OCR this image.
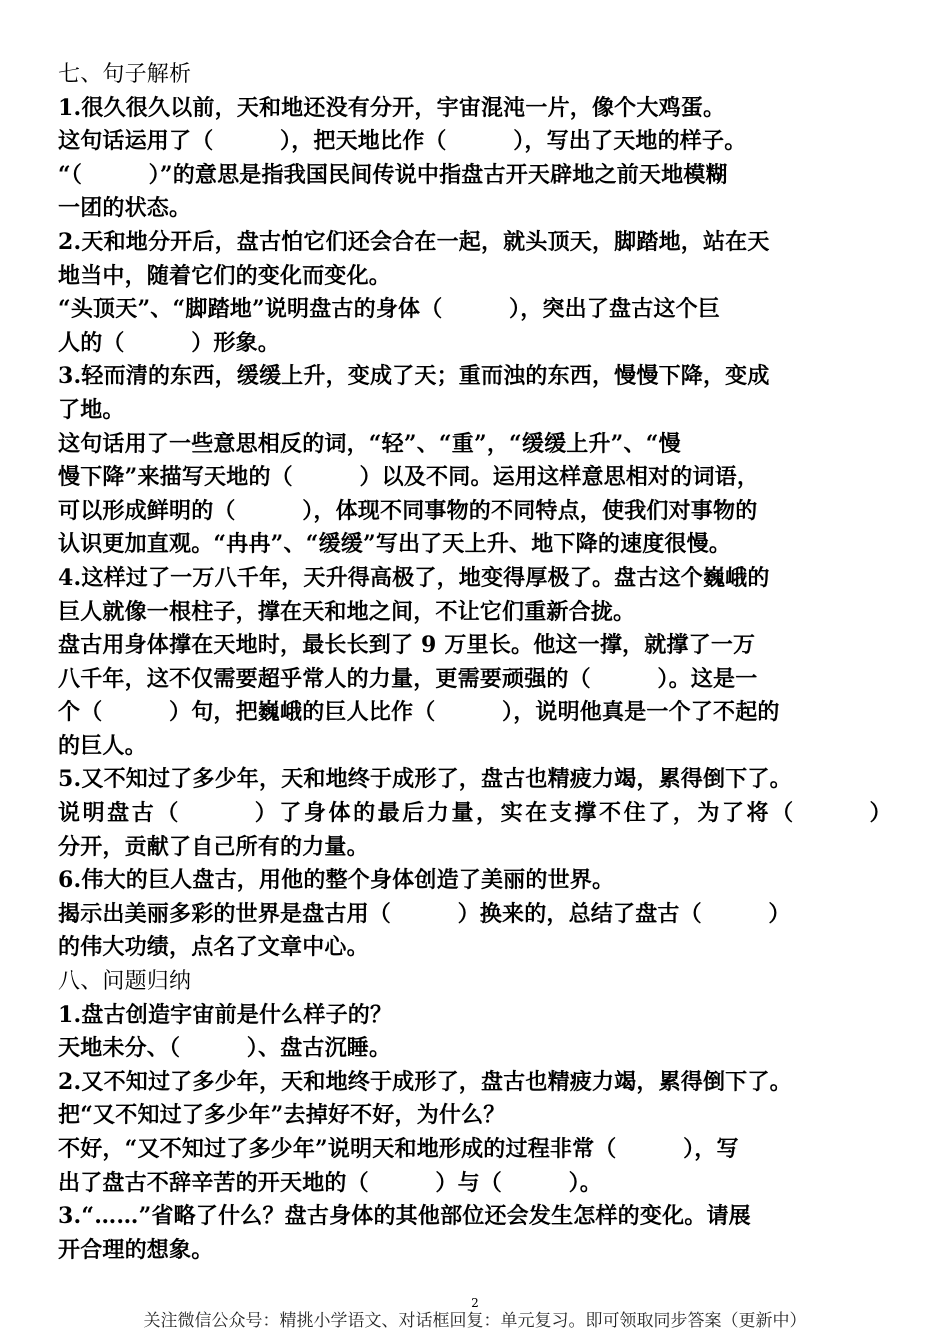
七、句子解析
1.很久很久以前，天和地还没有分开，宇宙混沌一片，像个大鸡蛋。
这句话运用了（　　　），把天地比作（　　　），写出了天地的样子。
“（　　　）”的意思是指我国民间传说中指盘古开天辟地之前天地模糊
一团的状态。
2.天和地分开后，盘古怕它们还会合在一起，就头顶天，脚踏地，站在天
地当中，随着它们的变化而变化。
“头顶天”、“脚踏地”说明盘古的身体（　　　），突出了盘古这个巨
人的（　　　）形象。
3.轻而清的东西，缓缓上升，变成了天；重而浊的东西，慢慢下降，变成
了地。
这句话用了一些意思相反的词，“轻”、“重”，“缓缓上升”、“慢
慢下降”来描写天地的（　　　）以及不同。运用这样意思相对的词语，
可以形成鲜明的（　　　），体现不同事物的不同特点，使我们对事物的
认识更加直观。“冉冉”、“缓缓”写出了天上升、地下降的速度很慢。
4.这样过了一万八千年，天升得高极了，地变得厚极了。盘古这个巍峨的
巨人就像一根柱子，撑在天和地之间，不让它们重新合拢。
盘古用身体撑在天地时，最长长到了 9 万里长。他这一撑，就撑了一万
八千年，这不仅需要超乎常人的力量，更需要顽强的（　　　）。这是一
个（　　　）句，把巍峨的巨人比作（　　　），说明他真是一个了不起的
的巨人。
5.又不知过了多少年，天和地终于成形了，盘古也精疲力竭，累得倒下了。
说明盘古（　　　）了身体的最后力量，实在支撑不住了，为了将（　　　）
分开，贡献了自己所有的力量。
6.伟大的巨人盘古，用他的整个身体创造了美丽的世界。
揭示出美丽多彩的世界是盘古用（　　　）换来的，总结了盘古（　　　）
的伟大功绩，点名了文章中心。
八、问题归纳
1.盘古创造宇宙前是什么样子的？
天地未分、（　　　）、盘古沉睡。
2.又不知过了多少年，天和地终于成形了，盘古也精疲力竭，累得倒下了。
把“又不知过了多少年”去掉好不好，为什么？
不好，“又不知过了多少年”说明天和地形成的过程非常（　　　），写
出了盘古不辞辛苦的开天地的（　　　）与（　　　）。
3.“……”省略了什么？盘古身体的其他部位还会发生怎样的变化。请展
开合理的想象。
2
关注微信公众号：精挑小学语文、对话框回复：单元复习。即可领取同步答案（更新中）
